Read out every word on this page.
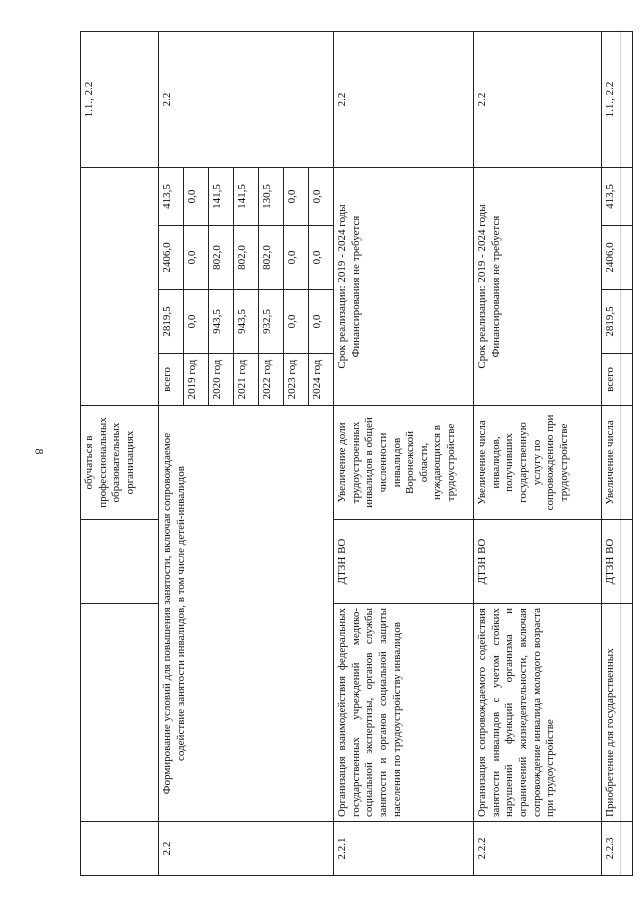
8
				обучаться в профессиональных образовательных организациях					1.1., 2.2
2.2	Формирование условий для повышения занятости, включая сопровождаемое содействие занятости инвалидов, в том числе детей-инвалидов			всего	2819,5	2406,0	413,5	2.2
				2019 год	0,0	0,0	0,0	
				2020 год	943,5	802,0	141,5	
				2021 год	943,5	802,0	141,5	
				2022 год	932,5	802,0	130,5	
				2023 год	0,0	0,0	0,0	
				2024 год	0,0	0,0	0,0	
2.2.1	Организация взаимодействия федеральных государственных учреждений медико-социальной экспертизы, органов службы занятости и органов социальной защиты населения по трудоустройству инвалидов	ДТЗН ВО	Увеличение доли трудоустроенных инвалидов в общей численности инвалидов Воронежской области, нуждающихся в трудоустройстве	Срок реализации: 2019 - 2024 годы Финансирования не требуется				2.2
2.2.2	Организация сопровождаемого содействия занятости инвалидов с учетом стойких нарушений функций организма и ограничений жизнедеятельности, включая сопровождение инвалида молодого возраста при трудоустройстве	ДТЗН ВО	Увеличение числа инвалидов, получивших государственную услугу по сопровождению при трудоустройстве	Срок реализации: 2019 - 2024 годы Финансирования не требуется				2.2
2.2.3	Приобретение для государственных	ДТЗН ВО	Увеличение числа	всего	2819,5	2406,0	413,5	1.1., 2.2
